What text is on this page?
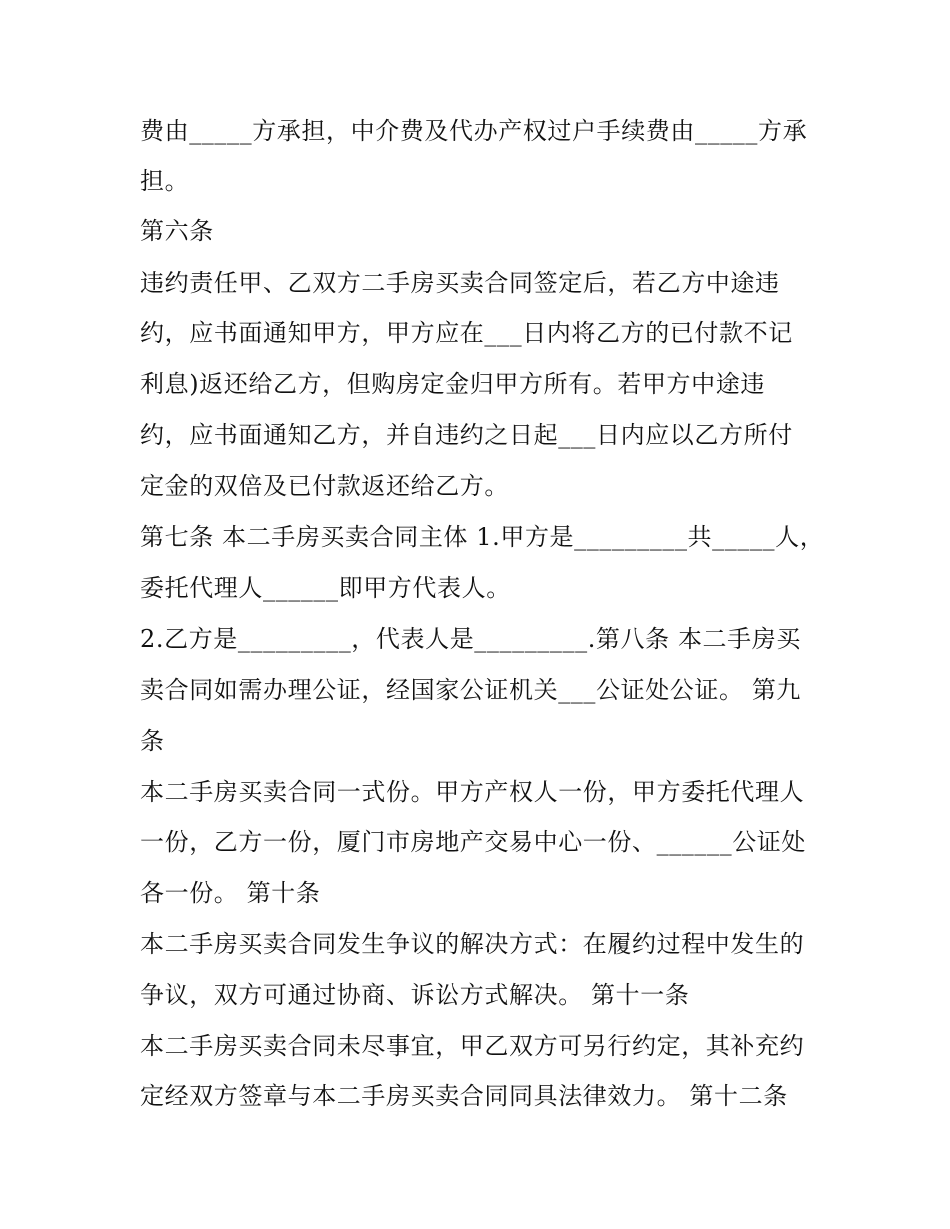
费由_____方承担，中介费及代办产权过户手续费由_____方承
担。
第六条
违约责任甲、乙双方二手房买卖合同签定后，若乙方中途违
约，应书面通知甲方，甲方应在___日内将乙方的已付款不记
利息)返还给乙方，但购房定金归甲方所有。若甲方中途违
约，应书面通知乙方，并自违约之日起___日内应以乙方所付
定金的双倍及已付款返还给乙方。
第七条 本二手房买卖合同主体 1.甲方是_________共_____人，
委托代理人______即甲方代表人。
2.乙方是_________，代表人是_________.第八条 本二手房买
卖合同如需办理公证，经国家公证机关___公证处公证。 第九
条
本二手房买卖合同一式份。甲方产权人一份，甲方委托代理人
一份，乙方一份，厦门市房地产交易中心一份、______公证处
各一份。 第十条
本二手房买卖合同发生争议的解决方式：在履约过程中发生的
争议，双方可通过协商、诉讼方式解决。 第十一条
本二手房买卖合同未尽事宜，甲乙双方可另行约定，其补充约
定经双方签章与本二手房买卖合同同具法律效力。 第十二条
